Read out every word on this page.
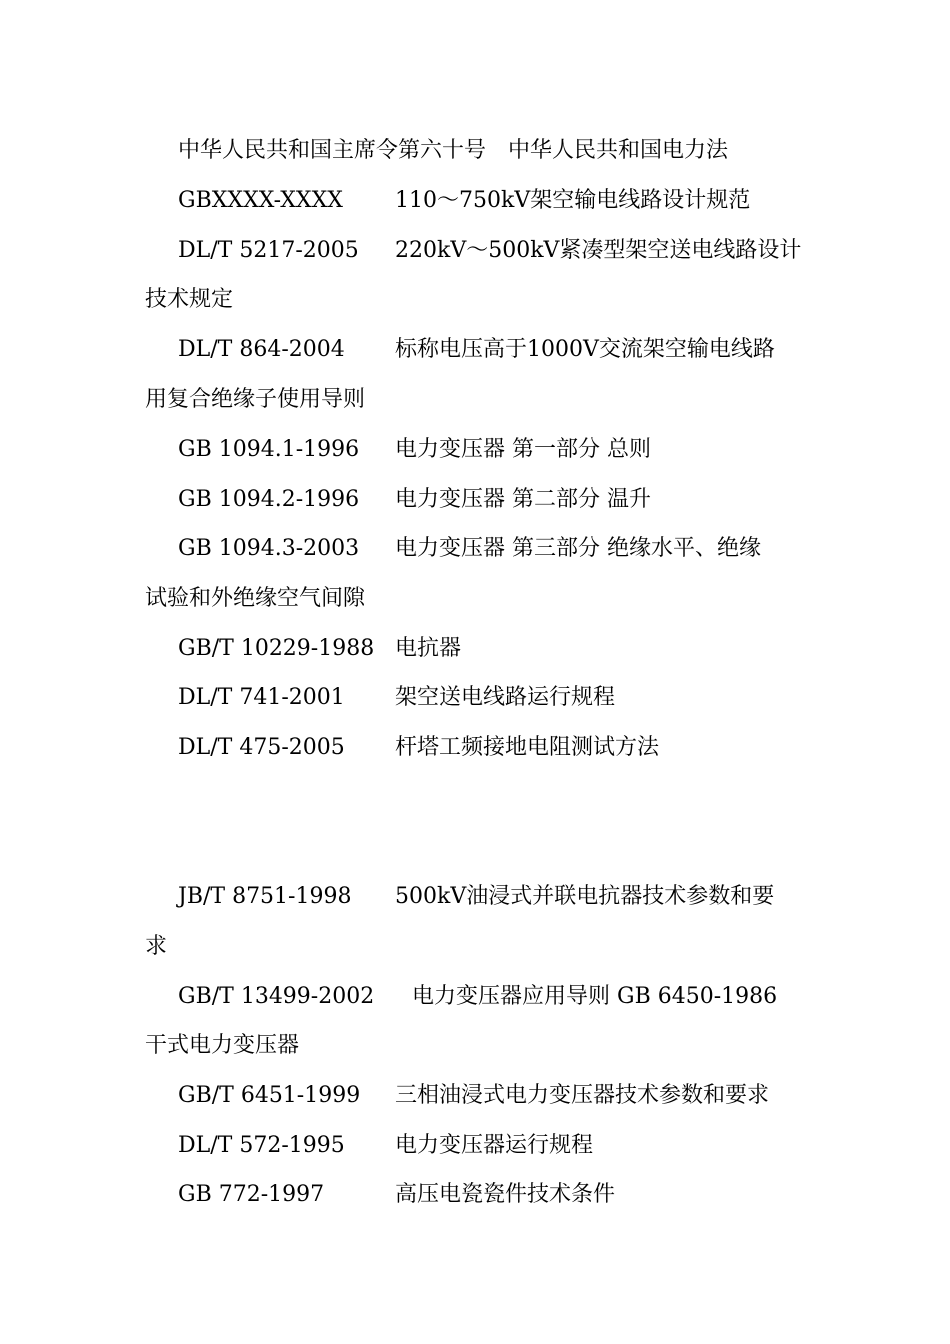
中华人民共和国主席令第六十号　中华人民共和国电力法
GBXXXX-XXXX 110～750kV架空输电线路设计规范
DL/T 5217-2005 220kV～500kV紧凑型架空送电线路设计
技术规定
DL/T 864-2004 标称电压高于1000V交流架空输电线路
用复合绝缘子使用导则
GB 1094.1-1996 电力变压器 第一部分 总则
GB 1094.2-1996 电力变压器 第二部分 温升
GB 1094.3-2003 电力变压器 第三部分 绝缘水平、绝缘
试验和外绝缘空气间隙
GB/T 10229-1988 电抗器
DL/T 741-2001 架空送电线路运行规程
DL/T 475-2005 杆塔工频接地电阻测试方法
JB/T 8751-1998 500kV油浸式并联电抗器技术参数和要
求
GB/T 13499-2002 电力变压器应用导则 GB 6450-1986
干式电力变压器
GB/T 6451-1999 三相油浸式电力变压器技术参数和要求
DL/T 572-1995 电力变压器运行规程
GB 772-1997	高压电瓷瓷件技术条件
